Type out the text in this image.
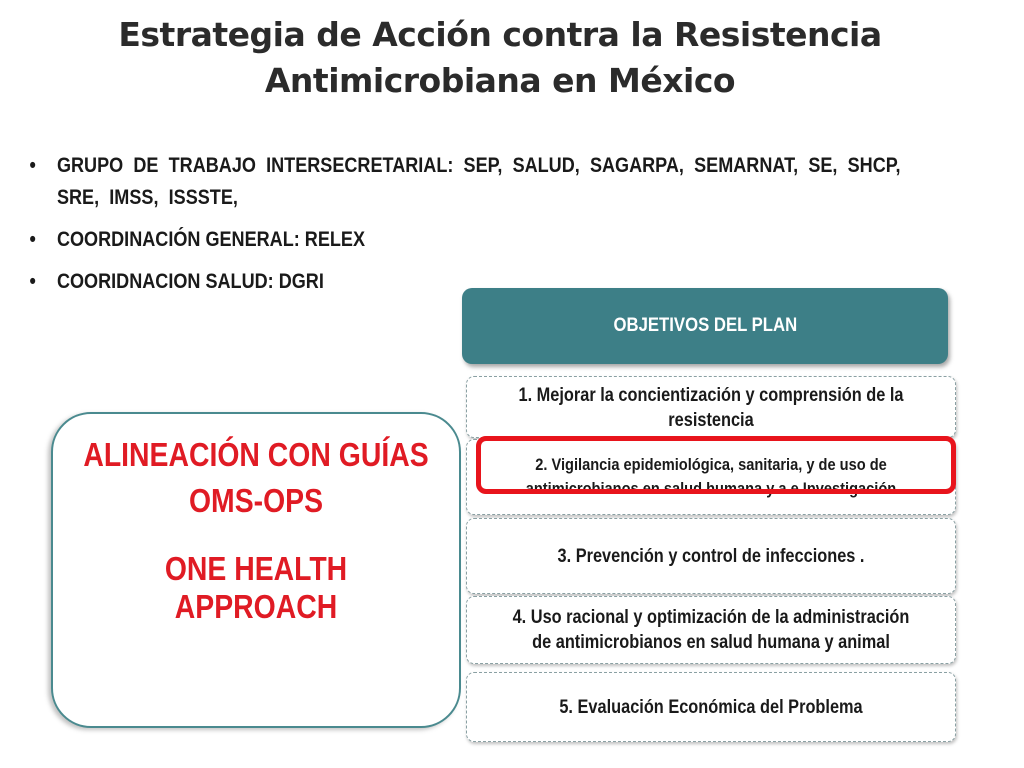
Estrategia de Acción contra la Resistencia
Antimicrobiana en México
• GRUPO DE TRABAJO INTERSECRETARIAL: SEP, SALUD, SAGARPA, SEMARNAT, SE, SHCP, SRE, IMSS, ISSSTE,
• COORDINACIÓN GENERAL: RELEX
• COORIDNACION SALUD: DGRI
ALINEACIÓN CON GUÍAS
OMS-OPS
ONE HEALTH APPROACH
OBJETIVOS DEL PLAN
1. Mejorar la concientización y comprensión de la resistencia
2. Vigilancia epidemiológica, sanitaria, y de uso de antimicrobianos en salud humana y a e Investigación
3. Prevención y control de infecciones .
4. Uso racional y optimización de la administración de antimicrobianos en salud humana y animal
5. Evaluación Económica del Problema
